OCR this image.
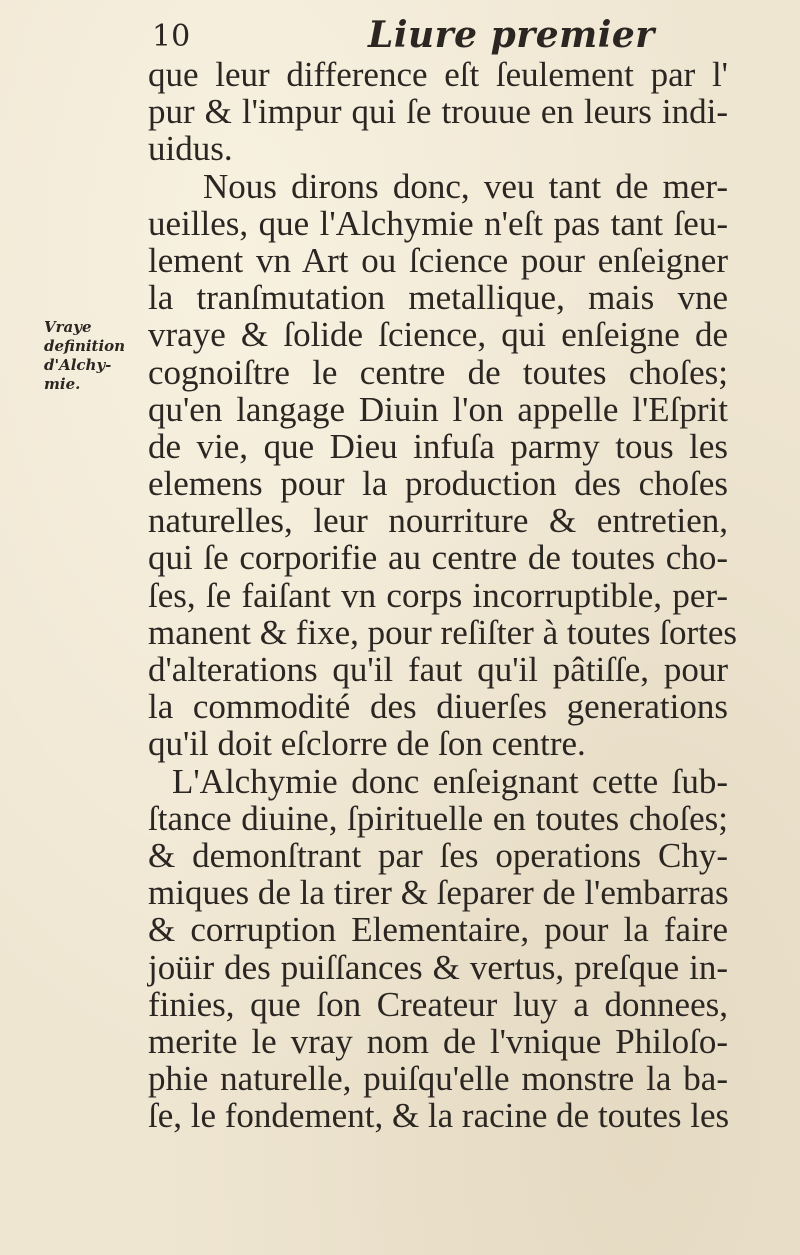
10	Liure premier
Vraye
definition
d'Alchy-
mie.
que leur difference eſt ſeulement par l'
pur & l'impur qui ſe trouue en leurs indi-
uidus.
Nous dirons donc, veu tant de mer-
ueilles, que l'Alchymie n'eſt pas tant ſeu-
lement vn Art ou ſcience pour enſeigner
la tranſmutation metallique, mais vne
vraye & ſolide ſcience, qui enſeigne de
cognoiſtre le centre de toutes choſes;
qu'en langage Diuin l'on appelle l'Eſprit
de vie, que Dieu infuſa parmy tous les
elemens pour la production des choſes
naturelles, leur nourriture & entretien,
qui ſe corporifie au centre de toutes cho-
ſes, ſe faiſant vn corps incorruptible, per-
manent & fixe, pour reſiſter à toutes ſortes
d'alterations qu'il faut qu'il pâtiſſe, pour
la commodité des diuerſes generations
qu'il doit eſclorre de ſon centre.
L'Alchymie donc enſeignant cette ſub-
ſtance diuine, ſpirituelle en toutes choſes;
& demonſtrant par ſes operations Chy-
miques de la tirer & ſeparer de l'embarras
& corruption Elementaire, pour la faire
joüir des puiſſances & vertus, preſque in-
finies, que ſon Createur luy a donnees,
merite le vray nom de l'vnique Philoſo-
phie naturelle, puiſqu'elle monstre la ba-
ſe, le fondement, & la racine de toutes les
